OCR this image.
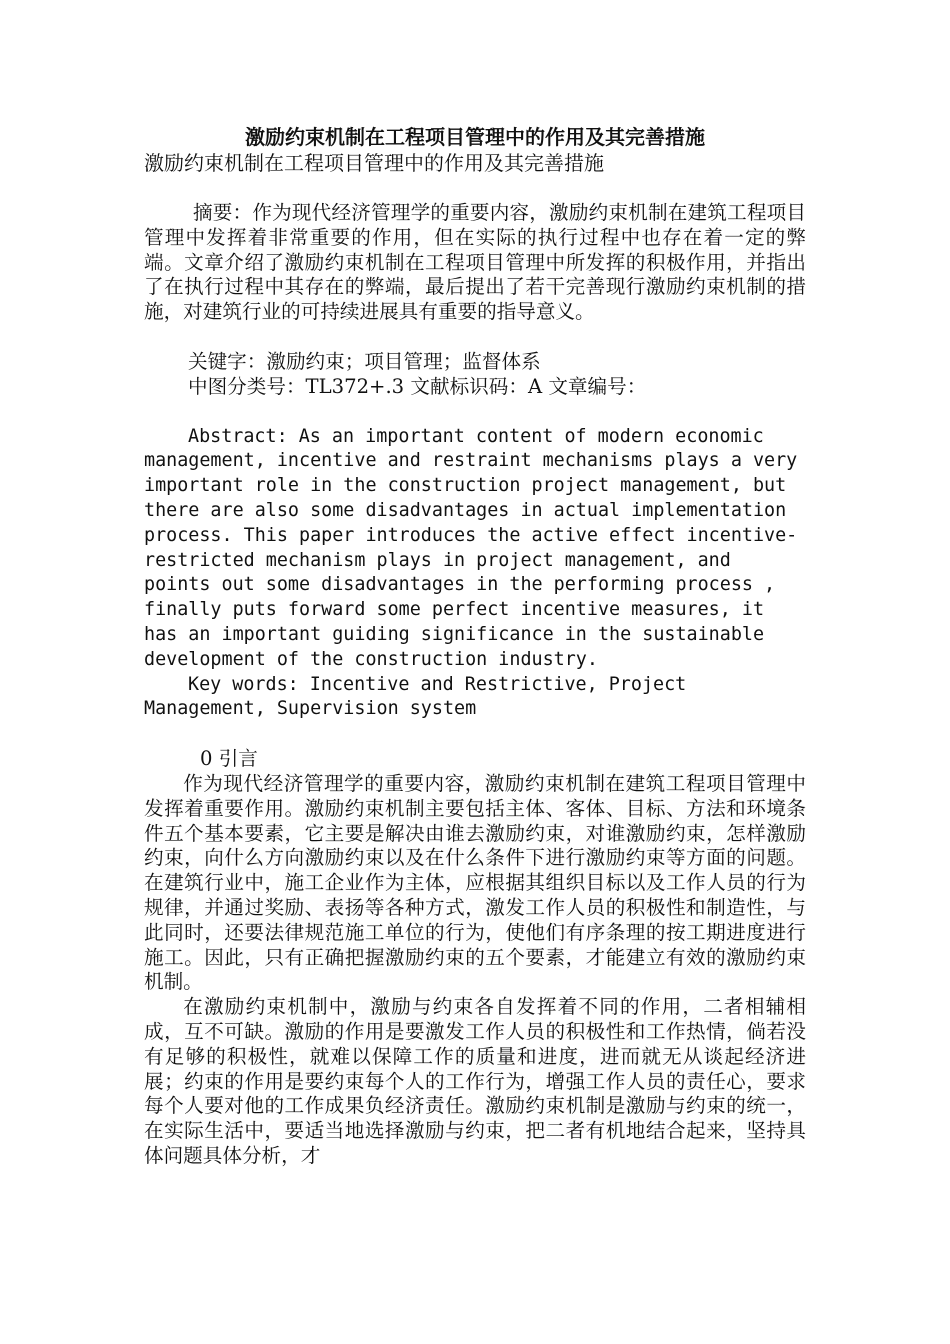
激励约束机制在工程项目管理中的作用及其完善措施

激励约束机制在工程项目管理中的作用及其完善措施

摘要：作为现代经济管理学的重要内容，激励约束机制在建筑工程项目管理中发挥着非常重要的作用，但在实际的执行过程中也存在着一定的弊端。文章介绍了激励约束机制在工程项目管理中所发挥的积极作用，并指出了在执行过程中其存在的弊端，最后提出了若干完善现行激励约束机制的措施，对建筑行业的可持续进展具有重要的指导意义。

关键字：激励约束；项目管理；监督体系

中图分类号：TL372+.3 文献标识码：A 文章编号：

Abstract: As an important content of modern economic management, incentive and restraint mechanisms plays a very important role in the construction project management, but there are also some disadvantages in actual implementation process. This paper introduces the active effect incentive-restricted mechanism plays in project management, and points out some disadvantages in the performing process , finally puts forward some perfect incentive measures, it has an important guiding significance in the sustainable development of the construction industry.

Key words: Incentive and Restrictive, Project Management, Supervision system

0 引言

作为现代经济管理学的重要内容，激励约束机制在建筑工程项目管理中发挥着重要作用。激励约束机制主要包括主体、客体、目标、方法和环境条件五个基本要素，它主要是解决由谁去激励约束，对谁激励约束，怎样激励约束，向什么方向激励约束以及在什么条件下进行激励约束等方面的问题。在建筑行业中，施工企业作为主体，应根据其组织目标以及工作人员的行为规律，并通过奖励、表扬等各种方式，激发工作人员的积极性和制造性，与此同时，还要法律规范施工单位的行为，使他们有序条理的按工期进度进行施工。因此，只有正确把握激励约束的五个要素，才能建立有效的激励约束机制。

在激励约束机制中，激励与约束各自发挥着不同的作用，二者相辅相成，互不可缺。激励的作用是要激发工作人员的积极性和工作热情，倘若没有足够的积极性，就难以保障工作的质量和进度，进而就无从谈起经济进展；约束的作用是要约束每个人的工作行为，增强工作人员的责任心，要求每个人要对他的工作成果负经济责任。激励约束机制是激励与约束的统一，在实际生活中，要适当地选择激励与约束，把二者有机地结合起来，坚持具体问题具体分析，才
